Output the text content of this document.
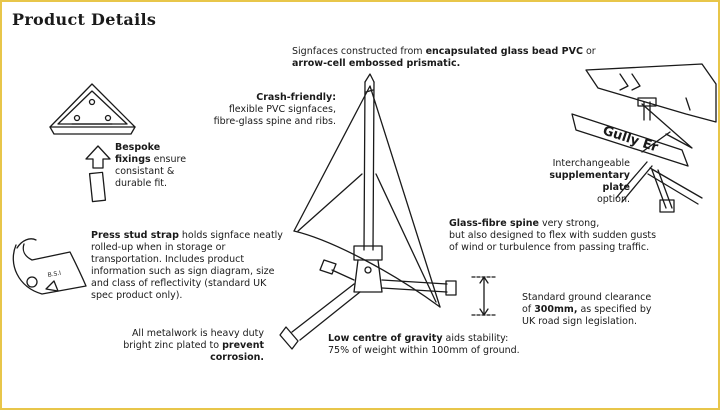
Product Details
Gully Er
B.S.I
Signfaces constructed from encapsulated glass bead PVC or
arrow-cell embossed prismatic.
Crash-friendly:
flexible PVC signfaces,
fibre-glass spine and ribs.
Bespoke
fixings ensure
consistant &
durable fit.
Interchangeable
supplementary plate
option.
Press stud strap holds signface neatly
rolled-up when in storage or
transportation. Includes product
information such as sign diagram, size
and class of reflectivity (standard UK
spec product only).
Glass-fibre spine very strong,
but also designed to flex with sudden gusts
of wind or turbulence from passing traffic.
Standard ground clearance
of 300mm, as specified by
UK road sign legislation.
All metalwork is heavy duty
bright zinc plated to prevent corrosion.
Low centre of gravity aids stability:
75% of weight within 100mm of ground.
